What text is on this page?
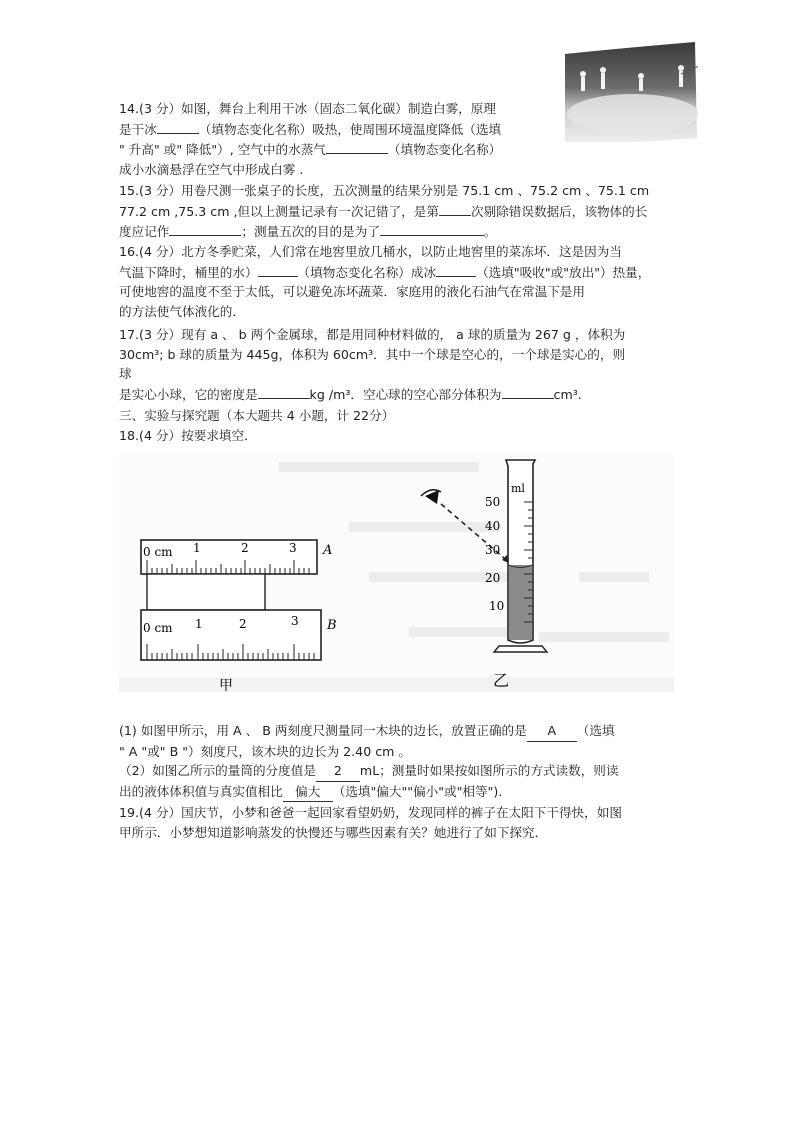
14.(3 分）如图，舞台上利用干冰（固态二氧化碳）制造白雾，原理

是干冰	（填物态变化名称）吸热，使周围环境温度降低（选填

" 升高" 或" 降低"）, 空气中的水蒸气	（填物态变化名称）

成小水滴悬浮在空气中形成白雾 .

15.(3 分）用卷尺测一张桌子的长度，五次测量的结果分别是 75.1 cm 、75.2 cm 、75.1 cm

77.2 cm ,75.3 cm ,但以上测量记录有一次记错了，是第	次剔除错误数据后，该物体的长

度应记作	；测量五次的目的是为了	。

16.(4 分）北方冬季贮菜，人们常在地窖里放几桶水，以防止地窖里的菜冻坏．这是因为当

气温下降时，桶里的水）	（填物态变化名称）成冰	（选填"吸收"或"放出"）热量，

可使地窖的温度不至于太低，可以避免冻坏蔬菜．家庭用的液化石油气在常温下是用

的方法使气体液化的．

17.(3 分）现有 a 、 b 两个金属球，都是用同种材料做的， a 球的质量为 267 g ，体积为

30cm³; b 球的质量为 445g，体积为 60cm³．其中一个球是空心的，一个球是实心的，则

球

是实心小球，它的密度是	kg /m³．空心球的空心部分体积为	cm³.

三、实验与探究题（本大题共 4 小题，计 22分）

18.(4 分）按要求填空．

0 cm 1	2	3 A
0 cm 1	2	3 B
甲
ml
50
40
30
20
10
乙

(1) 如图甲所示，用 A 、 B 两刻度尺测量同一木块的边长，放置正确的是 A （选填

" A "或" B "）刻度尺，该木块的边长为 2.40 cm 。

（2）如图乙所示的量筒的分度值是 2 mL；测量时如果按如图所示的方式读数，则读

出的液体体积值与真实值相比 偏大 （选填"偏大""偏小"或"相等").

19.(4 分）国庆节，小梦和爸爸一起回家看望奶奶，发现同样的裤子在太阳下干得快，如图

甲所示．小梦想知道影响蒸发的快慢还与哪些因素有关？她进行了如下探究．
